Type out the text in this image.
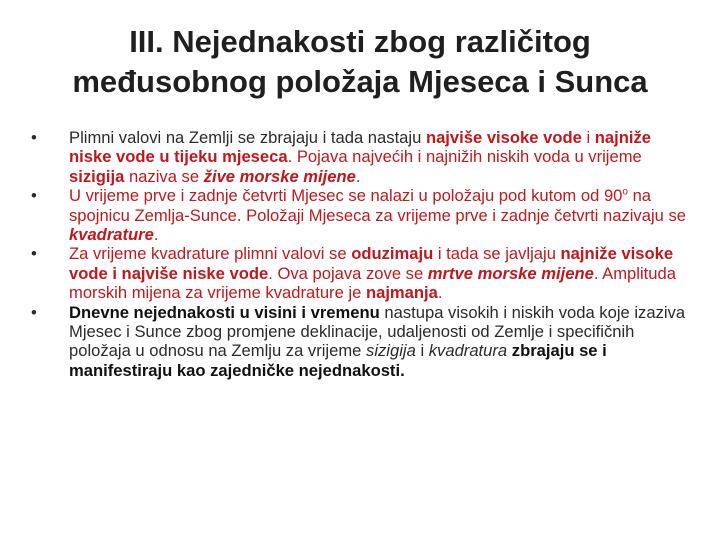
III. Nejednakosti zbog različitog
međusobnog položaja Mjeseca i Sunca
•	Plimni valovi na Zemlji se zbrajaju i tada nastaju najviše visoke vode i najniže niske vode u tijeku mjeseca. Pojava najvećih i najnižih niskih voda u vrijeme sizigija naziva se žive morske mijene.
•	U vrijeme prve i zadnje četvrti Mjesec se nalazi u položaju pod kutom od 90$^o$ na spojnicu Zemlja-Sunce. Položaji Mjeseca za vrijeme prve i zadnje četvrti nazivaju se kvadrature.
•	Za vrijeme kvadrature plimni valovi se oduzimaju i tada se javljaju najniže visoke vode i najviše niske vode. Ova pojava zove se mrtve morske mijene. Amplituda morskih mijena za vrijeme kvadrature je najmanja.
•	Dnevne nejednakosti u visini i vremenu nastupa visokih i niskih voda koje izaziva Mjesec i Sunce zbog promjene deklinacije, udaljenosti od Zemlje i specifičnih položaja u odnosu na Zemlju za vrijeme sizigija i kvadratura zbrajaju se i manifestiraju kao zajedničke nejednakosti.
